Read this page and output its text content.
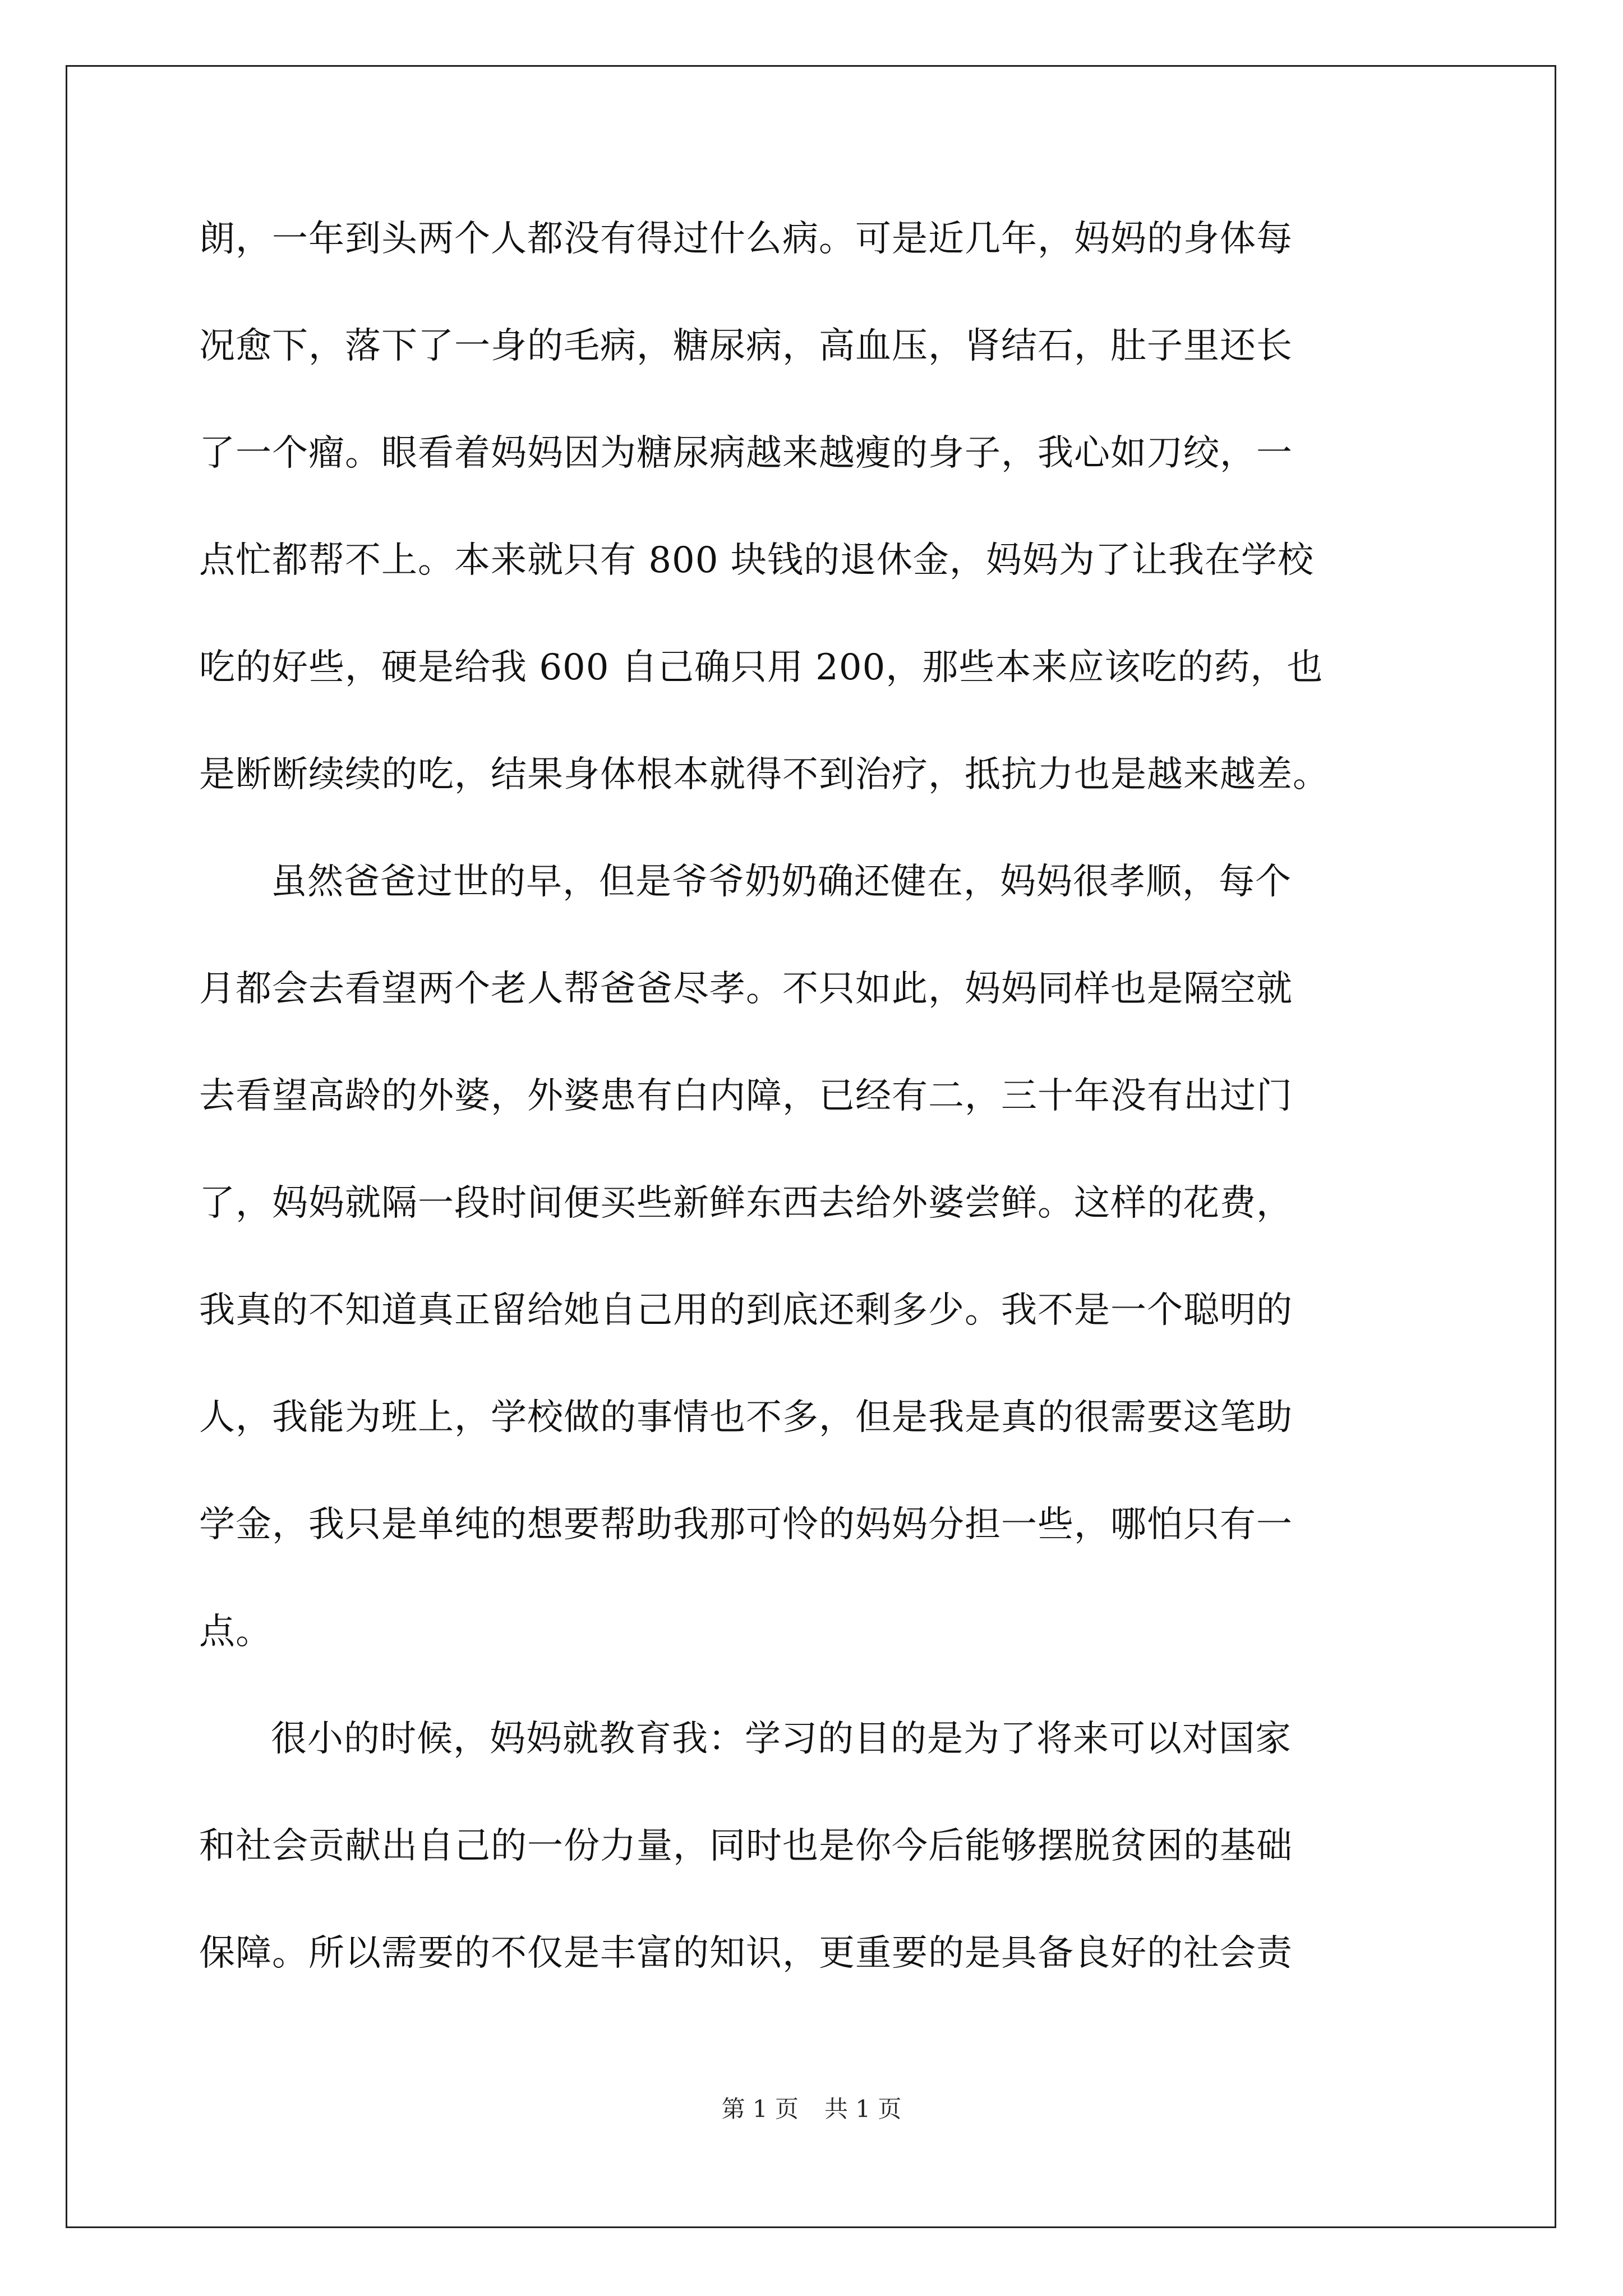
朗，一年到头两个人都没有得过什么病。可是近几年，妈妈的身体每
况愈下，落下了一身的毛病，糖尿病，高血压，肾结石，肚子里还长
了一个瘤。眼看着妈妈因为糖尿病越来越瘦的身子，我心如刀绞，一
点忙都帮不上。本来就只有 800 块钱的退休金，妈妈为了让我在学校
吃的好些，硬是给我 600 自己确只用 200，那些本来应该吃的药，也
是断断续续的吃，结果身体根本就得不到治疗，抵抗力也是越来越差。
虽然爸爸过世的早，但是爷爷奶奶确还健在，妈妈很孝顺，每个
月都会去看望两个老人帮爸爸尽孝。不只如此，妈妈同样也是隔空就
去看望高龄的外婆，外婆患有白内障，已经有二，三十年没有出过门
了，妈妈就隔一段时间便买些新鲜东西去给外婆尝鲜。这样的花费，
我真的不知道真正留给她自己用的到底还剩多少。我不是一个聪明的
人，我能为班上，学校做的事情也不多，但是我是真的很需要这笔助
学金，我只是单纯的想要帮助我那可怜的妈妈分担一些，哪怕只有一
点。
很小的时候，妈妈就教育我：学习的目的是为了将来可以对国家
和社会贡献出自己的一份力量，同时也是你今后能够摆脱贫困的基础
保障。所以需要的不仅是丰富的知识，更重要的是具备良好的社会责
第 1 页 共 1 页
